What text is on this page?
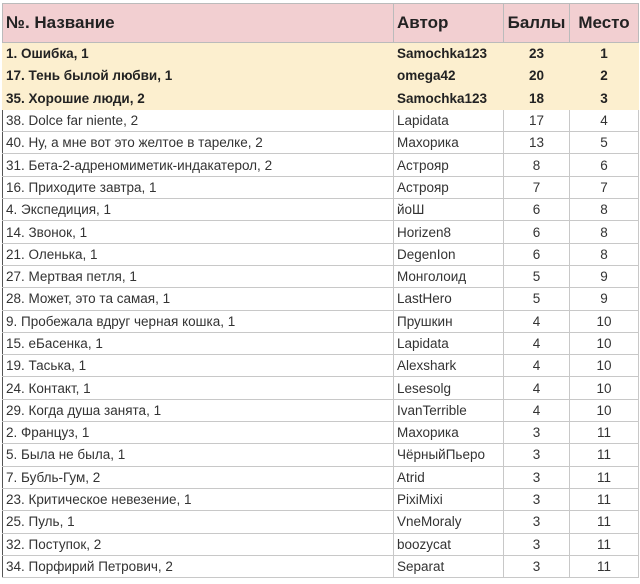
№. Название	Автор	Баллы	Место
1. Ошибка, 1	Samochka123	23	1
17. Тень былой любви, 1	omega42	20	2
35. Хорошие люди, 2	Samochka123	18	3
38. Dolce far niente, 2	Lapidata	17	4
40. Ну, а мне вот это желтое в тарелке, 2	Махорика	13	5
31. Бета-2-адреномиметик-индакатерол, 2	Астрояр	8	6
16. Приходите завтра, 1	Астрояр	7	7
4. Экспедиция, 1	йоШ	6	8
14. Звонок, 1	Horizen8	6	8
21. Оленька, 1	DegenIon	6	8
27. Мертвая петля, 1	Монголоид	5	9
28. Может, это та самая, 1	LastHero	5	9
9. Пробежала вдруг черная кошка, 1	Прушкин	4	10
15. еБасенка, 1	Lapidata	4	10
19. Таська, 1	Alexshark	4	10
24. Контакт, 1	Lesesolg	4	10
29. Когда душа занята, 1	IvanTerrible	4	10
2. Француз, 1	Махорика	3	11
5. Была не была, 1	ЧёрныйПьеро	3	11
7. Бубль-Гум, 2	Atrid	3	11
23. Критическое невезение, 1	PixiMixi	3	11
25. Пуль, 1	VneMoraly	3	11
32. Поступок, 2	boozycat	3	11
34. Порфирий Петрович, 2	Separat	3	11
